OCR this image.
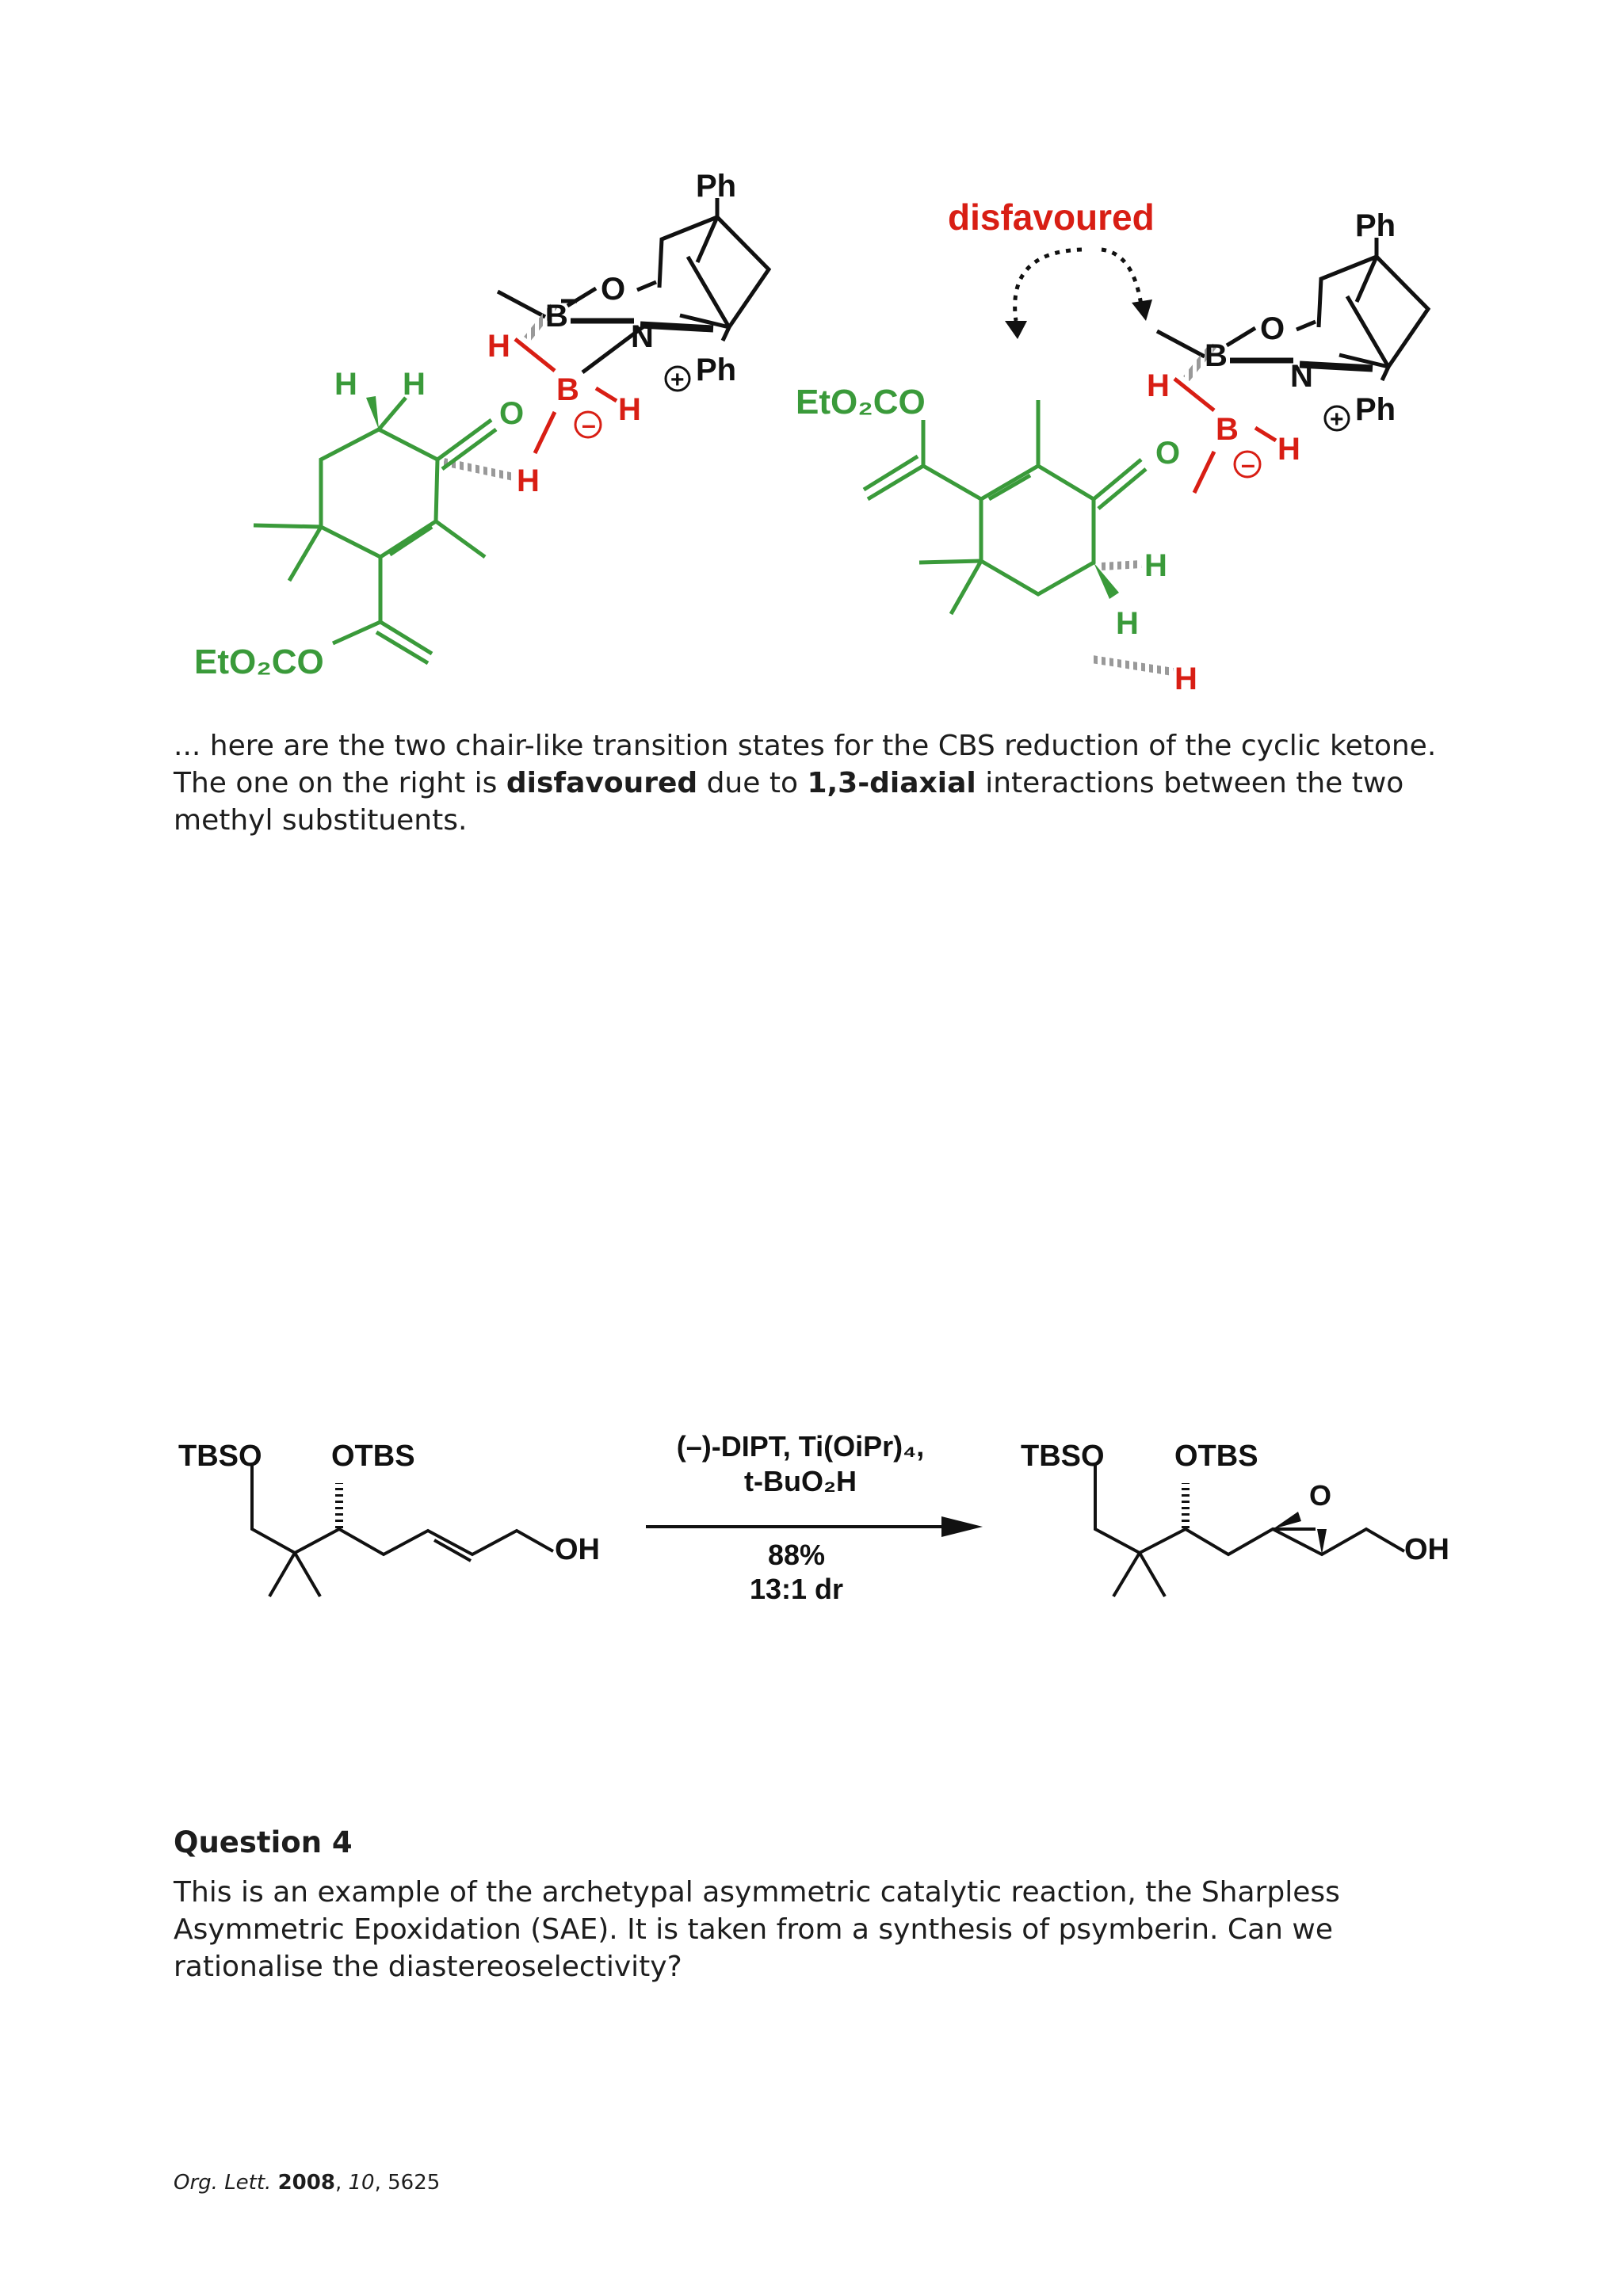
Ph
O
B
N
+ Ph
H
B
H
–
O
H
H H
EtO₂CO
disfavoured	Ph
O
B
N
+ Ph
H
B
H
–
O
H
H
H
EtO₂CO

... here are the two chair-like transition states for the CBS reduction of the cyclic ketone. The one on the right is disfavoured due to 1,3-diaxial interactions between the two methyl substituents.

TBSO OTBS
OH
(–)-DIPT, Ti(OiPr)₄,
t-BuO₂H
88%
13:1 dr
TBSO OTBS
O
OH
Question 4

This is an example of the archetypal asymmetric catalytic reaction, the Sharpless Asymmetric Epoxidation (SAE). It is taken from a synthesis of psymberin. Can we rationalise the diastereoselectivity?

Org. Lett. 2008, 10, 5625
